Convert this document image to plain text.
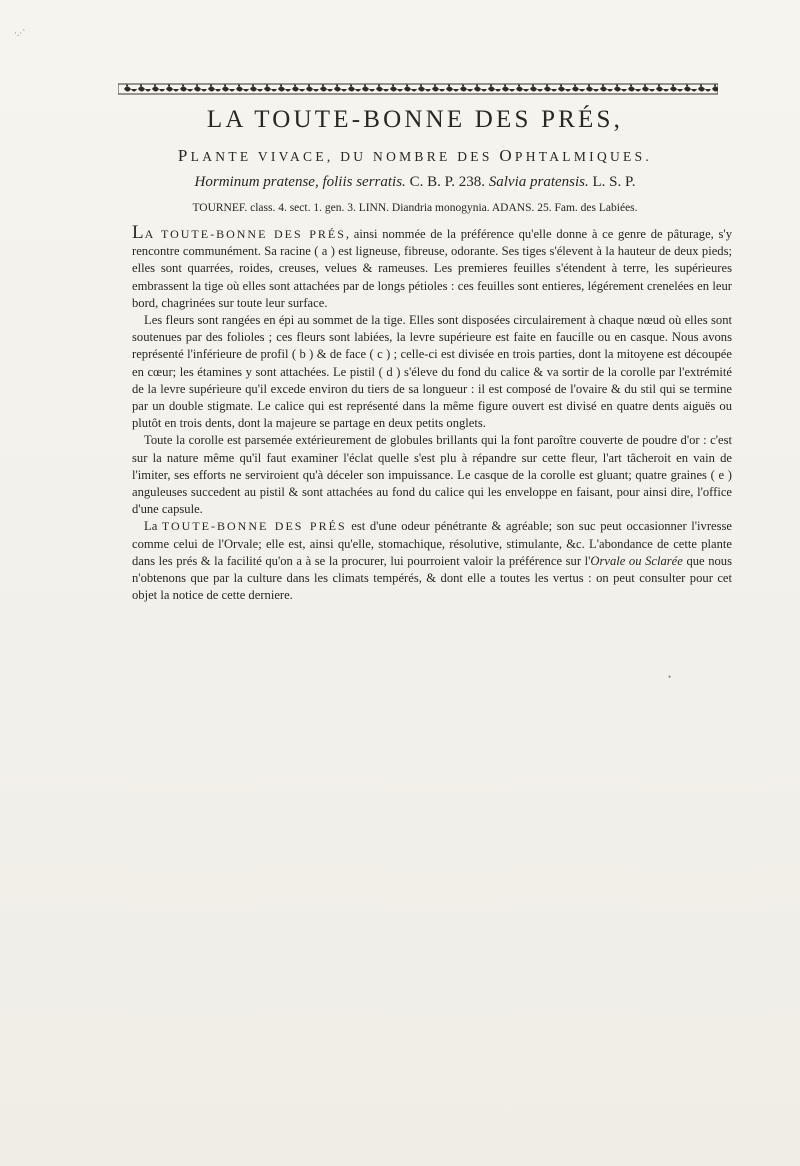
·.·`
•
LA TOUTE-BONNE DES PRÉS,
PLANTE VIVACE, DU NOMBRE DES OPHTALMIQUES.
Horminum pratense, foliis serratis. C. B. P. 238. Salvia pratensis. L. S. P.
TOURNEF. class. 4. sect. 1. gen. 3. LINN. Diandria monogynia. ADANS. 25. Fam. des Labiées.

LA TOUTE-BONNE DES PRÉS, ainsi nommée de la préférence qu'elle donne à ce genre de pâturage, s'y rencontre communément. Sa racine ( a ) est ligneuse, fibreuse, odorante. Ses tiges s'élevent à la hauteur de deux pieds; elles sont quarrées, roides, creuses, velues & rameuses. Les premieres feuilles s'étendent à terre, les supérieures embrassent la tige où elles sont attachées par de longs pétioles : ces feuilles sont entieres, légérement crenelées en leur bord, chagrinées sur toute leur surface.

Les fleurs sont rangées en épi au sommet de la tige. Elles sont disposées circulairement à chaque nœud où elles sont soutenues par des folioles ; ces fleurs sont labiées, la levre supérieure est faite en faucille ou en casque. Nous avons représenté l'inférieure de profil ( b ) & de face ( c ) ; celle-ci est divisée en trois parties, dont la mitoyene est découpée en cœur; les étamines y sont attachées. Le pistil ( d ) s'éleve du fond du calice & va sortir de la corolle par l'extrémité de la levre supérieure qu'il excede environ du tiers de sa longueur : il est composé de l'ovaire & du stil qui se termine par un double stigmate. Le calice qui est représenté dans la même figure ouvert est divisé en quatre dents aiguës ou plutôt en trois dents, dont la majeure se partage en deux petits onglets.

Toute la corolle est parsemée extérieurement de globules brillants qui la font paroître couverte de poudre d'or : c'est sur la nature même qu'il faut examiner l'éclat quelle s'est plu à répandre sur cette fleur, l'art tâcheroit en vain de l'imiter, ses efforts ne serviroient qu'à déceler son impuissance. Le casque de la corolle est gluant; quatre graines ( e ) anguleuses succedent au pistil & sont attachées au fond du calice qui les enveloppe en faisant, pour ainsi dire, l'office d'une capsule.

La TOUTE-BONNE DES PRÉS est d'une odeur pénétrante & agréable; son suc peut occasionner l'ivresse comme celui de l'Orvale; elle est, ainsi qu'elle, stomachique, résolutive, stimulante, &c. L'abondance de cette plante dans les prés & la facilité qu'on a à se la procurer, lui pourroient valoir la préférence sur l'Orvale ou Sclarée que nous n'obtenons que par la culture dans les climats tempérés, & dont elle a toutes les vertus : on peut consulter pour cet objet la notice de cette derniere.
